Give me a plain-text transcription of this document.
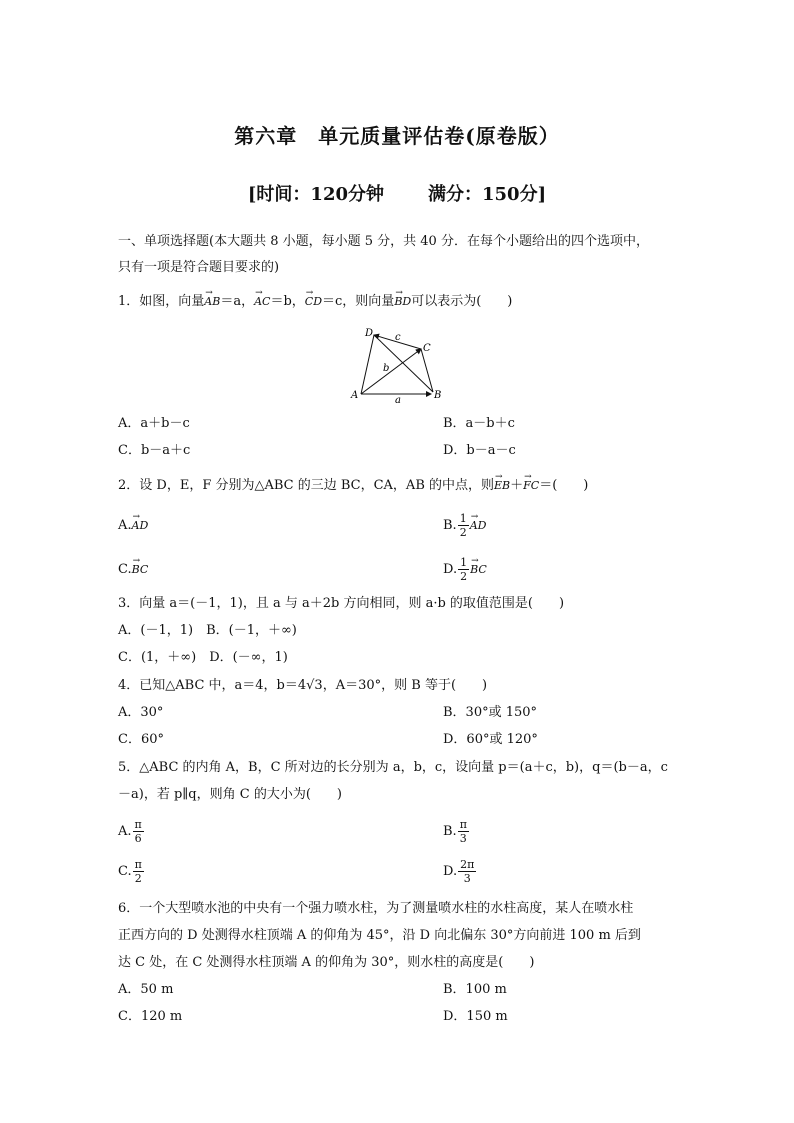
第六章　单元质量评估卷(原卷版）
[时间：120分钟 满分：150分]
一、单项选择题(本大题共 8 小题，每小题 5 分，共 40 分．在每个小题给出的四个选项中，
只有一项是符合题目要求的)
1．如图，向量→ AB＝a，→ AC＝b，→ CD＝c，则向量→ BD可以表示为(　　)
D
C
A	B
c
b
a
A．a＋b－c	B．a－b＋c
C．b－a＋c	D．b－a－c
2．设 D，E，F 分别为△ABC 的三边 BC，CA，AB 的中点，则→ EB＋→ FC＝(　　)
A. → AD	B. $\frac{1}{2}$ → AD
C. → BC	D. $\frac{1}{2}$ → BC
3．向量 a＝(－1，1)，且 a 与 a＋2b 方向相同，则 a·b 的取值范围是(　　)
A．(－1，1)　B．(－1，＋∞)
C．(1，＋∞)　D．(－∞，1)
4．已知△ABC 中，a＝4，b＝4√3，A＝30°，则 B 等于(　　)
A．30°	B．30°或 150°
C．60°	D．60°或 120°
5．△ABC 的内角 A，B，C 所对边的长分别为 a，b，c，设向量 p＝(a＋c，b)，q＝(b－a，c
－a)，若 p∥q，则角 C 的大小为(　　)
A. $\frac{\pi}{6}$	B. $\frac{\pi}{3}$
C. $\frac{\pi}{2}$	D. $\frac{2\pi}{3}$
6．一个大型喷水池的中央有一个强力喷水柱，为了测量喷水柱的水柱高度，某人在喷水柱
正西方向的 D 处测得水柱顶端 A 的仰角为 45°，沿 D 向北偏东 30°方向前进 100 m 后到
达 C 处，在 C 处测得水柱顶端 A 的仰角为 30°，则水柱的高度是(　　)
A．50 m	B．100 m
C．120 m	D．150 m
